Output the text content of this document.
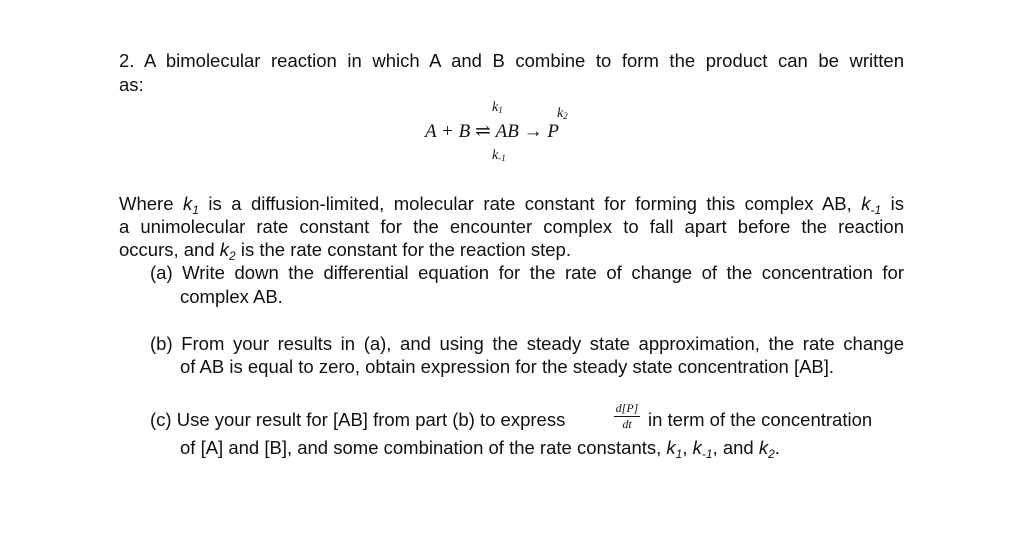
2. A bimolecular reaction in which A and B combine to form the product can be written
as:
k1	k2
A + B ⇌ AB → P
k-1
Where $k_1$ is a diffusion-limited, molecular rate constant for forming this complex AB, $k_{-1}$ is
a unimolecular rate constant for the encounter complex to fall apart before the reaction
occurs, and $k_2$ is the rate constant for the reaction step.
(a) Write down the differential equation for the rate of change of the concentration for
complex AB.
(b) From your results in (a), and using the steady state approximation, the rate change
of AB is equal to zero, obtain expression for the steady state concentration [AB].
(c) Use your result for [AB] from part (b) to express
d[P]
dt in term of the concentration
of [A] and [B], and some combination of the rate constants, $k_1$, $k_{-1}$, and $k_2$.
